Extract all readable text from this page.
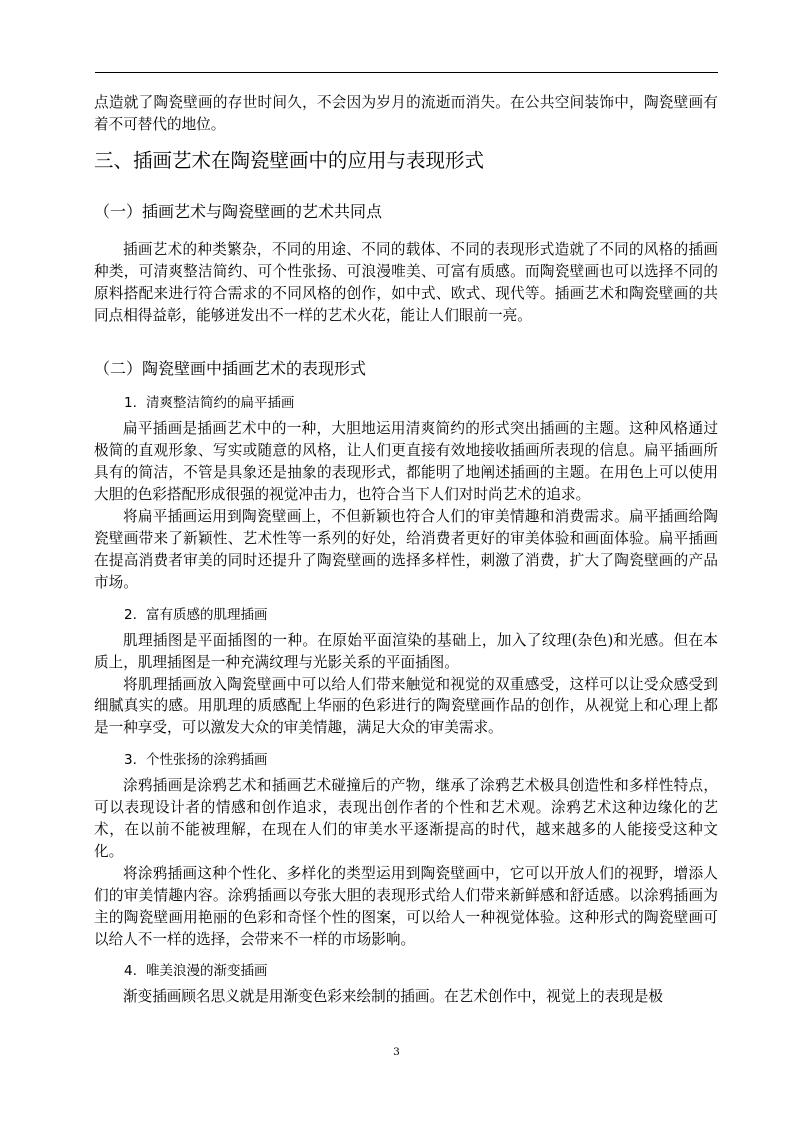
点造就了陶瓷壁画的存世时间久，不会因为岁月的流逝而消失。在公共空间装饰中，陶瓷壁画有着不可替代的地位。

三、插画艺术在陶瓷壁画中的应用与表现形式
（一）插画艺术与陶瓷壁画的艺术共同点

插画艺术的种类繁杂，不同的用途、不同的载体、不同的表现形式造就了不同的风格的插画种类，可清爽整洁简约、可个性张扬、可浪漫唯美、可富有质感。而陶瓷壁画也可以选择不同的原料搭配来进行符合需求的不同风格的创作，如中式、欧式、现代等。插画艺术和陶瓷壁画的共同点相得益彰，能够迸发出不一样的艺术火花，能让人们眼前一亮。

（二）陶瓷壁画中插画艺术的表现形式
1. 清爽整洁简约的扁平插画

扁平插画是插画艺术中的一种，大胆地运用清爽简约的形式突出插画的主题。这种风格通过极简的直观形象、写实或随意的风格，让人们更直接有效地接收插画所表现的信息。扁平插画所具有的简洁，不管是具象还是抽象的表现形式，都能明了地阐述插画的主题。在用色上可以使用大胆的色彩搭配形成很强的视觉冲击力，也符合当下人们对时尚艺术的追求。

将扁平插画运用到陶瓷壁画上，不但新颖也符合人们的审美情趣和消费需求。扁平插画给陶瓷壁画带来了新颖性、艺术性等一系列的好处，给消费者更好的审美体验和画面体验。扁平插画在提高消费者审美的同时还提升了陶瓷壁画的选择多样性，刺激了消费，扩大了陶瓷壁画的产品市场。

2. 富有质感的肌理插画

肌理插图是平面插图的一种。在原始平面渲染的基础上，加入了纹理(杂色)和光感。但在本质上，肌理插图是一种充满纹理与光影关系的平面插图。

将肌理插画放入陶瓷壁画中可以给人们带来触觉和视觉的双重感受，这样可以让受众感受到细腻真实的感。用肌理的质感配上华丽的色彩进行的陶瓷壁画作品的创作，从视觉上和心理上都是一种享受，可以激发大众的审美情趣，满足大众的审美需求。

3. 个性张扬的涂鸦插画

涂鸦插画是涂鸦艺术和插画艺术碰撞后的产物，继承了涂鸦艺术极具创造性和多样性特点，可以表现设计者的情感和创作追求，表现出创作者的个性和艺术观。涂鸦艺术这种边缘化的艺术，在以前不能被理解，在现在人们的审美水平逐渐提高的时代，越来越多的人能接受这种文化。

将涂鸦插画这种个性化、多样化的类型运用到陶瓷壁画中，它可以开放人们的视野，增添人们的审美情趣内容。涂鸦插画以夸张大胆的表现形式给人们带来新鲜感和舒适感。以涂鸦插画为主的陶瓷壁画用艳丽的色彩和奇怪个性的图案，可以给人一种视觉体验。这种形式的陶瓷壁画可以给人不一样的选择，会带来不一样的市场影响。

4. 唯美浪漫的渐变插画

渐变插画顾名思义就是用渐变色彩来绘制的插画。在艺术创作中，视觉上的表现是极

3
